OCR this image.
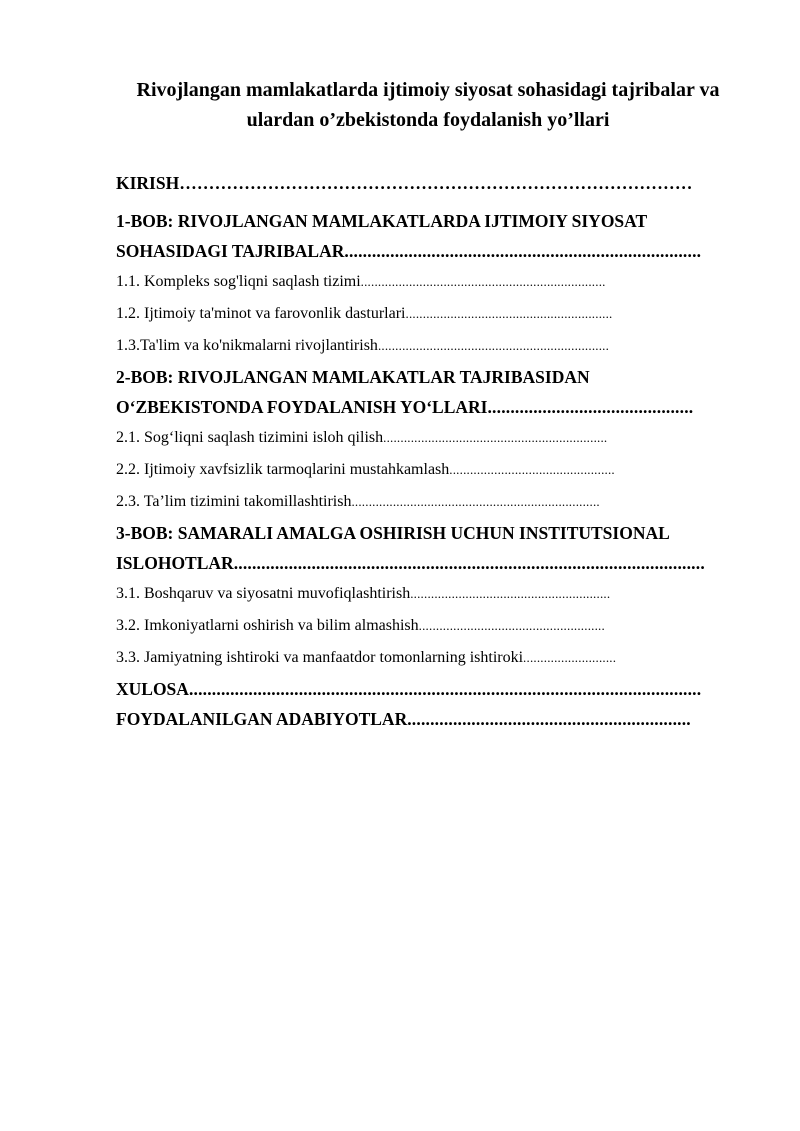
Rivojlangan mamlakatlarda ijtimoiy siyosat sohasidagi tajribalar va
ulardan o’zbekistonda foydalanish yo’llari
KIRISH……………………………………………………………………………
1-BOB: RIVOJLANGAN MAMLAKATLARDA IJTIMOIY SIYOSAT
SOHASIDAGI TAJRIBALAR..............................................................................
1.1. Kompleks sog'liqni saqlash tizimi.......................................................................
1.2. Ijtimoiy ta'minot va farovonlik dasturlari............................................................
1.3.Ta'lim va ko'nikmalarni rivojlantirish...................................................................
2-BOB: RIVOJLANGAN MAMLAKATLAR TAJRIBASIDAN
O‘ZBEKISTONDA FOYDALANISH YO‘LLARI.............................................
2.1. Sog‘liqni saqlash tizimini isloh qilish.................................................................
2.2. Ijtimoiy xavfsizlik tarmoqlarini mustahkamlash................................................
2.3. Ta’lim tizimini takomillashtirish........................................................................
3-BOB: SAMARALI AMALGA OSHIRISH UCHUN INSTITUTSIONAL
ISLOHOTLAR.......................................................................................................
3.1. Boshqaruv va siyosatni muvofiqlashtirish..........................................................
3.2. Imkoniyatlarni oshirish va bilim almashish......................................................
3.3. Jamiyatning ishtiroki va manfaatdor tomonlarning ishtiroki...........................
XULOSA................................................................................................................
FOYDALANILGAN ADABIYOTLAR..............................................................
